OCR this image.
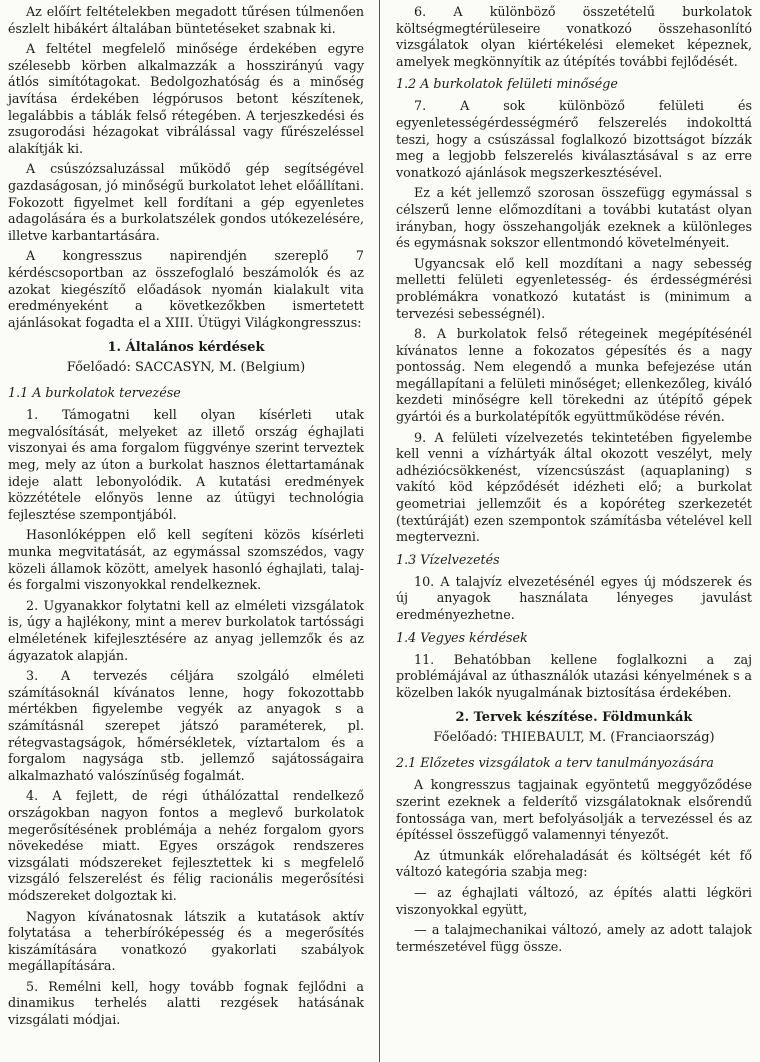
Az előírt feltételekben megadott tűrésen túlmenően észlelt hibákért általában büntetéseket szabnak ki.

A feltétel megfelelő minősége érdekében egyre szélesebb körben alkalmazzák a hosszirányú vagy átlós simítótagokat. Bedolgozhatóság és a minőség javítása érdekében légpórusos betont készítenek, legalábbis a táblák felső rétegében. A terjeszkedési és zsugorodási hézagokat vibrálással vagy fűrészeléssel alakítják ki.

A csúszózsaluzással működő gép segítségével gazdaságosan, jó minőségű burkolatot lehet előállítani. Fokozott figyelmet kell fordítani a gép egyenletes adagolására és a burkolatszélek gondos utókezelésére, illetve karbantartására.

A kongresszus napirendjén szereplő 7 kérdéscsoportban az összefoglaló beszámolók és az azokat kiegészítő előadások nyomán kialakult vita eredményeként a következőkben ismertetett ajánlásokat fogadta el a XIII. Útügyi Világkongresszus:

1. Általános kérdések
Főelőadó: SACCASYN, M. (Belgium)
1.1 A burkolatok tervezése

1. Támogatni kell olyan kísérleti utak megvalósítását, melyeket az illető ország éghajlati viszonyai és ama forgalom függvénye szerint terveztek meg, mely az úton a burkolat hasznos élettartamának ideje alatt lebonyolódik. A kutatási eredmények közzététele előnyös lenne az útügyi technológia fejlesztése szempontjából.

Hasonlóképpen elő kell segíteni közös kísérleti munka megvitatását, az egymással szomszédos, vagy közeli államok között, amelyek hasonló éghajlati, talaj- és forgalmi viszonyokkal rendelkeznek.

2. Ugyanakkor folytatni kell az elméleti vizsgálatok is, úgy a hajlékony, mint a merev burkolatok tartóssági elméletének kifejlesztésére az anyag jellemzők és az ágyazatok alapján.

3. A tervezés céljára szolgáló elméleti számításoknál kívánatos lenne, hogy fokozottabb mértékben figyelembe vegyék az anyagok s a számításnál szerepet játszó paraméterek, pl. rétegvastagságok, hőmérsékletek, víztartalom és a forgalom nagysága stb. jellemző sajátosságaira alkalmazható valószínűség fogalmát.

4. A fejlett, de régi úthálózattal rendelkező országokban nagyon fontos a meglevő burkolatok megerősítésének problémája a nehéz forgalom gyors növekedése miatt. Egyes országok rendszeres vizsgálati módszereket fejlesztettek ki s megfelelő vizsgáló felszerelést és félig racionális megerősítési módszereket dolgoztak ki.

Nagyon kívánatosnak látszik a kutatások aktív folytatása a teherbíróképesség és a megerősítés kiszámítására vonatkozó gyakorlati szabályok megállapítására.

5. Remélni kell, hogy tovább fognak fejlődni a dinamikus terhelés alatti rezgések hatásának vizsgálati módjai.

6. A különböző összetételű burkolatok költségmegtérüleseire vonatkozó összehasonlító vizsgálatok olyan kiértékelési elemeket képeznek, amelyek megkönnyítik az útépítés további fejlődését.

1.2 A burkolatok felületi minősége

7. A sok különböző felületi és egyenletességérdességmérő felszerelés indokolttá teszi, hogy a csúszással foglalkozó bizottságot bízzák meg a legjobb felszerelés kiválasztásával s az erre vonatkozó ajánlások megszerkesztésével.

Ez a két jellemző szorosan összefügg egymással s célszerű lenne előmozdítani a további kutatást olyan irányban, hogy összehangolják ezeknek a különleges és egymásnak sokszor ellentmondó követelményeit.

Ugyancsak elő kell mozdítani a nagy sebesség melletti felületi egyenletesség- és érdességmérési problémákra vonatkozó kutatást is (minimum a tervezési sebességnél).

8. A burkolatok felső rétegeinek megépítésénél kívánatos lenne a fokozatos gépesítés és a nagy pontosság. Nem elegendő a munka befejezése után megállapítani a felületi minőséget; ellenkezőleg, kiváló kezdeti minőségre kell törekedni az útépítő gépek gyártói és a burkolatépítők együttműködése révén.

9. A felületi vízelvezetés tekintetében figyelembe kell venni a vízhártyák által okozott veszélyt, mely adhéziócsökkenést, vízencsúszást (aquaplaning) s vakító köd képződését idézheti elő; a burkolat geometriai jellemzőit és a kopóréteg szerkezetét (textúráját) ezen szempontok számításba vételével kell megtervezni.

1.3 Vízelvezetés

10. A talajvíz elvezetésénél egyes új módszerek és új anyagok használata lényeges javulást eredményezhetne.

1.4 Vegyes kérdések

11. Behatóbban kellene foglalkozni a zaj problémájával az úthasználók utazási kényelmének s a közelben lakók nyugalmának biztosítása érdekében.

2. Tervek készítése. Földmunkák
Főelőadó: THIEBAULT, M. (Franciaország)
2.1 Előzetes vizsgálatok a terv tanulmányozására

A kongresszus tagjainak egyöntetű meggyőződése szerint ezeknek a felderítő vizsgálatoknak elsőrendű fontossága van, mert befolyásolják a tervezéssel és az építéssel összefüggő valamennyi tényezőt.

Az útmunkák előrehaladását és költségét két fő változó kategória szabja meg:

— az éghajlati változó, az építés alatti légköri viszonyokkal együtt,

— a talajmechanikai változó, amely az adott talajok természetével függ össze.
